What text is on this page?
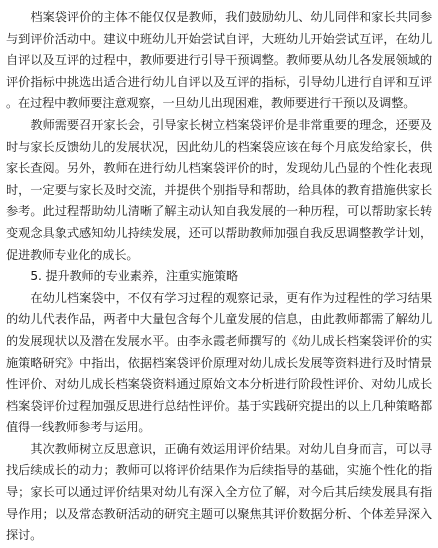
档案袋评价的主体不能仅仅是教师，我们鼓励幼儿、幼儿同伴和家长共同参与到评价活动中。建议中班幼儿开始尝试自评，大班幼儿开始尝试互评，在幼儿自评以及互评的过程中，教师要进行引导干预调整。教师要从幼儿各发展领域的评价指标中挑选出适合进行幼儿自评以及互评的指标，引导幼儿进行自评和互评。在过程中教师要注意观察，一旦幼儿出现困难，教师要进行干预以及调整。

教师需要召开家长会，引导家长树立档案袋评价是非常重要的理念，还要及时与家长反馈幼儿的发展状况，因此幼儿的档案袋应该在每个月底发给家长，供家长查阅。另外，教师在进行幼儿档案袋评价的时，发现幼儿凸显的个性化表现时，一定要与家长及时交流，并提供个别指导和帮助，给具体的教育措施供家长参考。此过程帮助幼儿清晰了解主动认知自我发展的一种历程，可以帮助家长转变观念具象式感知幼儿持续发展，还可以帮助教师加强自我反思调整教学计划，促进教师专业化的成长。

5. 提升教师的专业素养，注重实施策略

在幼儿档案袋中，不仅有学习过程的观察记录，更有作为过程性的学习结果的幼儿代表作品，两者中大量包含每个儿童发展的信息，由此教师都需了解幼儿的发展现状以及潜在发展水平。由李永霞老师撰写的《幼儿成长档案袋评价的实施策略研究》中指出，依据档案袋评价原理对幼儿成长发展等资料进行及时情景性评价、对幼儿成长档案袋资料通过原始文本分析进行阶段性评价、对幼儿成长档案袋评价过程加强反思进行总结性评价。基于实践研究提出的以上几种策略都值得一线教师参考与运用。

其次教师树立反思意识，正确有效运用评价结果。对幼儿自身而言，可以寻找后续成长的动力；教师可以将评价结果作为后续指导的基础，实施个性化的指导；家长可以通过评价结果对幼儿有深入全方位了解，对今后其后续发展具有指导作用；以及常态教研活动的研究主题可以聚焦其评价数据分析、个体差异深入探讨。
